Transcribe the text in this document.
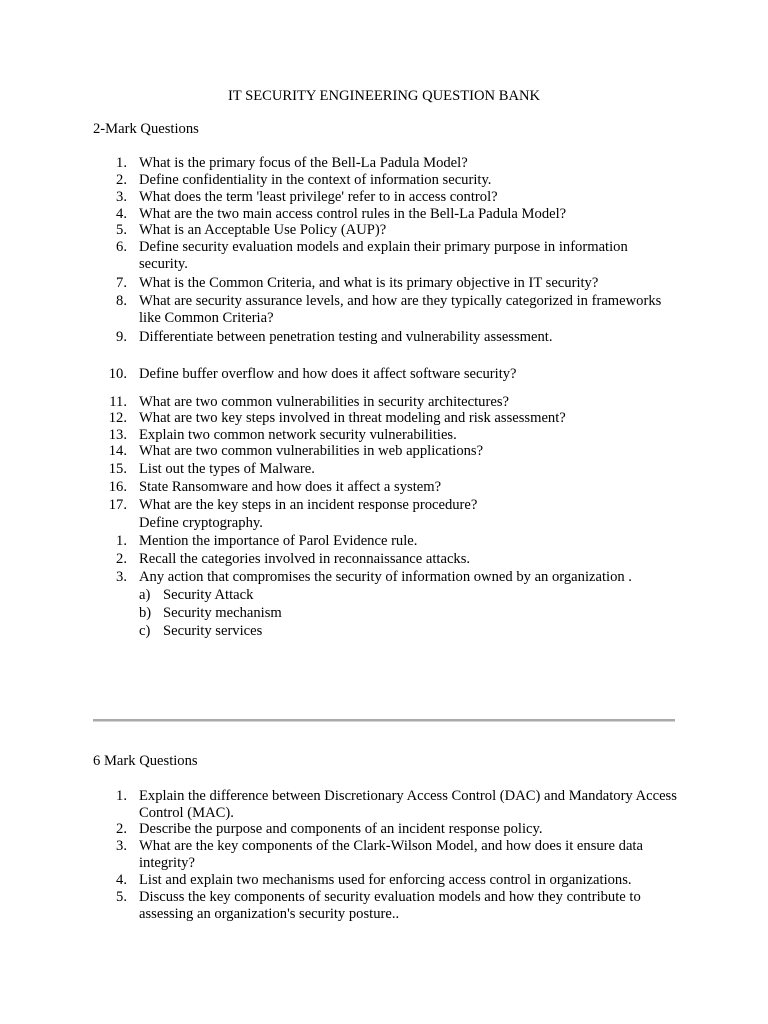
IT SECURITY ENGINEERING QUESTION BANK
2-Mark Questions
1. What is the primary focus of the Bell-La Padula Model?
2. Define confidentiality in the context of information security.
3. What does the term 'least privilege' refer to in access control?
4. What are the two main access control rules in the Bell-La Padula Model?
5. What is an Acceptable Use Policy (AUP)?
6. Define security evaluation models and explain their primary purpose in information security.
7. What is the Common Criteria, and what is its primary objective in IT security?
8. What are security assurance levels, and how are they typically categorized in frameworks like Common Criteria?
9. Differentiate between penetration testing and vulnerability assessment.
10. Define buffer overflow and how does it affect software security?
11. What are two common vulnerabilities in security architectures?
12. What are two key steps involved in threat modeling and risk assessment?
13. Explain two common network security vulnerabilities.
14. What are two common vulnerabilities in web applications?
15. List out the types of Malware.
16. State Ransomware and how does it affect a system?
17. What are the key steps in an incident response procedure?
Define cryptography.
1. Mention the importance of Parol Evidence rule.
2. Recall the categories involved in reconnaissance attacks.
3. Any action that compromises the security of information owned by an organization .
a) Security Attack
b) Security mechanism
c) Security services
6 Mark Questions
1. Explain the difference between Discretionary Access Control (DAC) and Mandatory Access Control (MAC).
2. Describe the purpose and components of an incident response policy.
3. What are the key components of the Clark-Wilson Model, and how does it ensure data integrity?
4. List and explain two mechanisms used for enforcing access control in organizations.
5. Discuss the key components of security evaluation models and how they contribute to assessing an organization's security posture..
